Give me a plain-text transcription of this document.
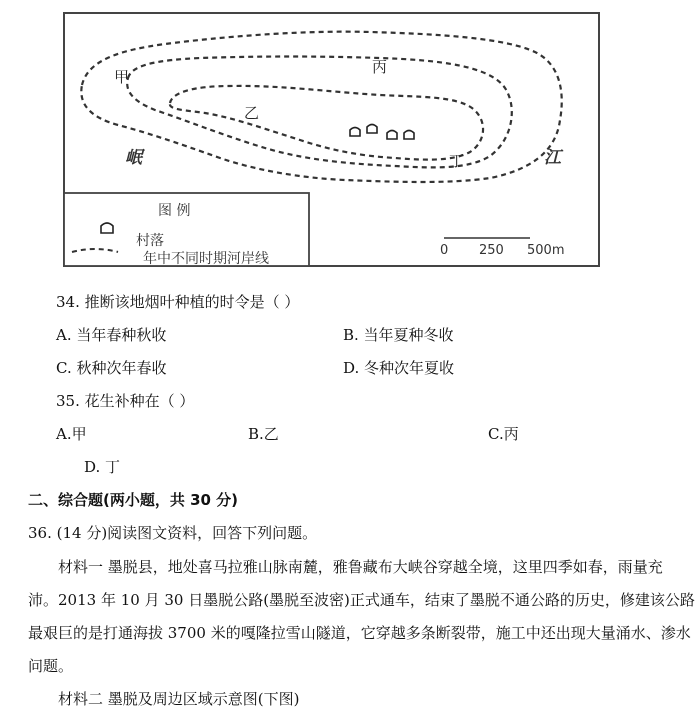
甲
乙
丙
丁
岷	江
图 例
村落
年中不同时期河岸线
0 250 500m
34. 推断该地烟叶种植的时令是（ ）
A. 当年春种秋收	B. 当年夏种冬收
C. 秋种次年春收	D. 冬种次年夏收
35. 花生补种在（ ）
A.甲	B.乙	C.丙
D. 丁
二、综合题(两小题，共 30 分)
36. (14 分)阅读图文资料，回答下列问题。
材料一 墨脱县，地处喜马拉雅山脉南麓，雅鲁藏布大峡谷穿越全境，这里四季如春，雨量充
沛。2013 年 10 月 30 日墨脱公路(墨脱至波密)正式通车，结束了墨脱不通公路的历史，修建该公路
最艰巨的是打通海拔 3700 米的嘎隆拉雪山隧道，它穿越多条断裂带，施工中还出现大量涌水、渗水
问题。
材料二 墨脱及周边区域示意图(下图)
